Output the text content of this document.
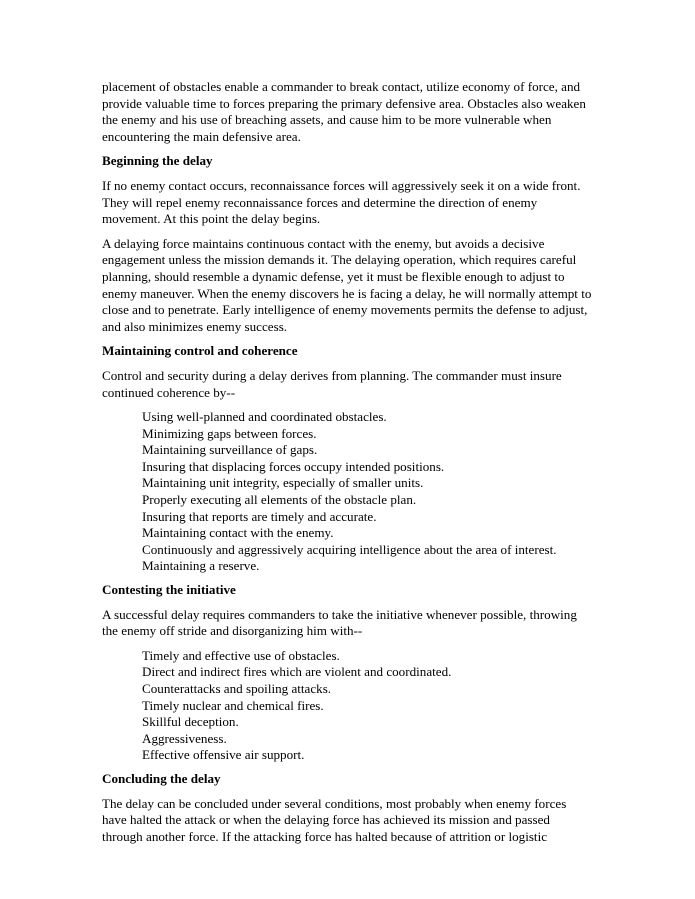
placement of obstacles enable a commander to break contact, utilize economy of force, and provide valuable time to forces preparing the primary defensive area. Obstacles also weaken the enemy and his use of breaching assets, and cause him to be more vulnerable when encountering the main defensive area.

Beginning the delay

If no enemy contact occurs, reconnaissance forces will aggressively seek it on a wide front. They will repel enemy reconnaissance forces and determine the direction of enemy movement. At this point the delay begins.

A delaying force maintains continuous contact with the enemy, but avoids a decisive engagement unless the mission demands it. The delaying operation, which requires careful planning, should resemble a dynamic defense, yet it must be flexible enough to adjust to enemy maneuver. When the enemy discovers he is facing a delay, he will normally attempt to close and to penetrate. Early intelligence of enemy movements permits the defense to adjust, and also minimizes enemy success.

Maintaining control and coherence

Control and security during a delay derives from planning. The commander must insure continued coherence by--

Using well-planned and coordinated obstacles.
Minimizing gaps between forces.
Maintaining surveillance of gaps.
Insuring that displacing forces occupy intended positions.
Maintaining unit integrity, especially of smaller units.
Properly executing all elements of the obstacle plan.
Insuring that reports are timely and accurate.
Maintaining contact with the enemy.
Continuously and aggressively acquiring intelligence about the area of interest.
Maintaining a reserve.

Contesting the initiative

A successful delay requires commanders to take the initiative whenever possible, throwing the enemy off stride and disorganizing him with--

Timely and effective use of obstacles.
Direct and indirect fires which are violent and coordinated.
Counterattacks and spoiling attacks.
Timely nuclear and chemical fires.
Skillful deception.
Aggressiveness.
Effective offensive air support.

Concluding the delay

The delay can be concluded under several conditions, most probably when enemy forces have halted the attack or when the delaying force has achieved its mission and passed through another force. If the attacking force has halted because of attrition or logistic
